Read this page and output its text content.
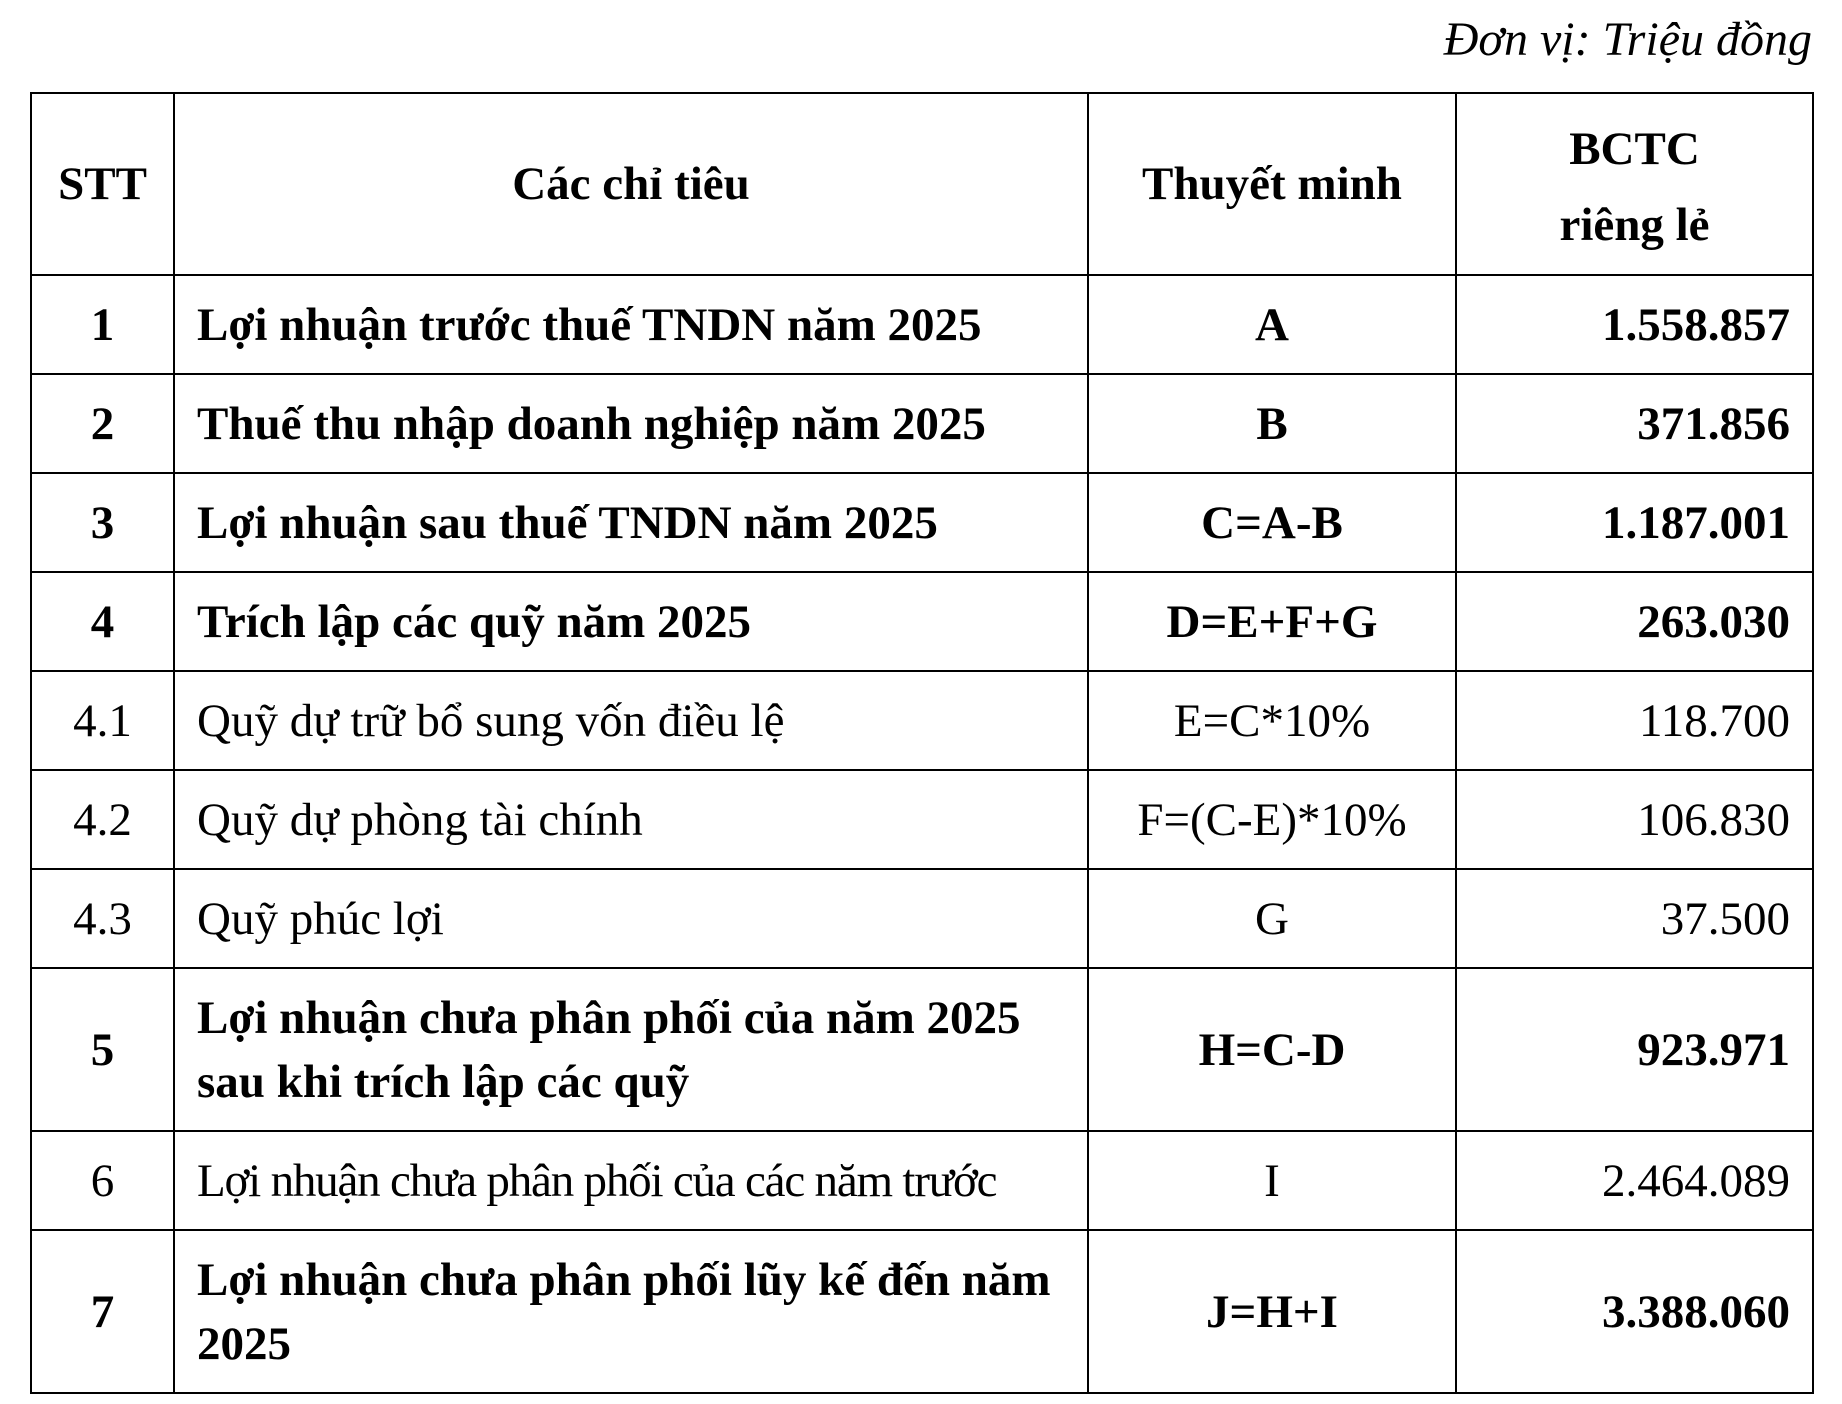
Đơn vị: Triệu đồng
STT	Các chỉ tiêu	Thuyết minh	BCTC
riêng lẻ

1	Lợi nhuận trước thuế TNDN năm 2025	A	1.558.857
2	Thuế thu nhập doanh nghiệp năm 2025	B	371.856
3	Lợi nhuận sau thuế TNDN năm 2025	C=A-B	1.187.001
4	Trích lập các quỹ năm 2025	D=E+F+G	263.030
4.1	Quỹ dự trữ bổ sung vốn điều lệ	E=C*10%	118.700
4.2	Quỹ dự phòng tài chính	F=(C-E)*10%	106.830
4.3	Quỹ phúc lợi	G	37.500
5	Lợi nhuận chưa phân phối của năm 2025 sau khi trích lập các quỹ	H=C-D	923.971
6	Lợi nhuận chưa phân phối của các năm trước	I	2.464.089
7	Lợi nhuận chưa phân phối lũy kế đến năm 2025	J=H+I	3.388.060
